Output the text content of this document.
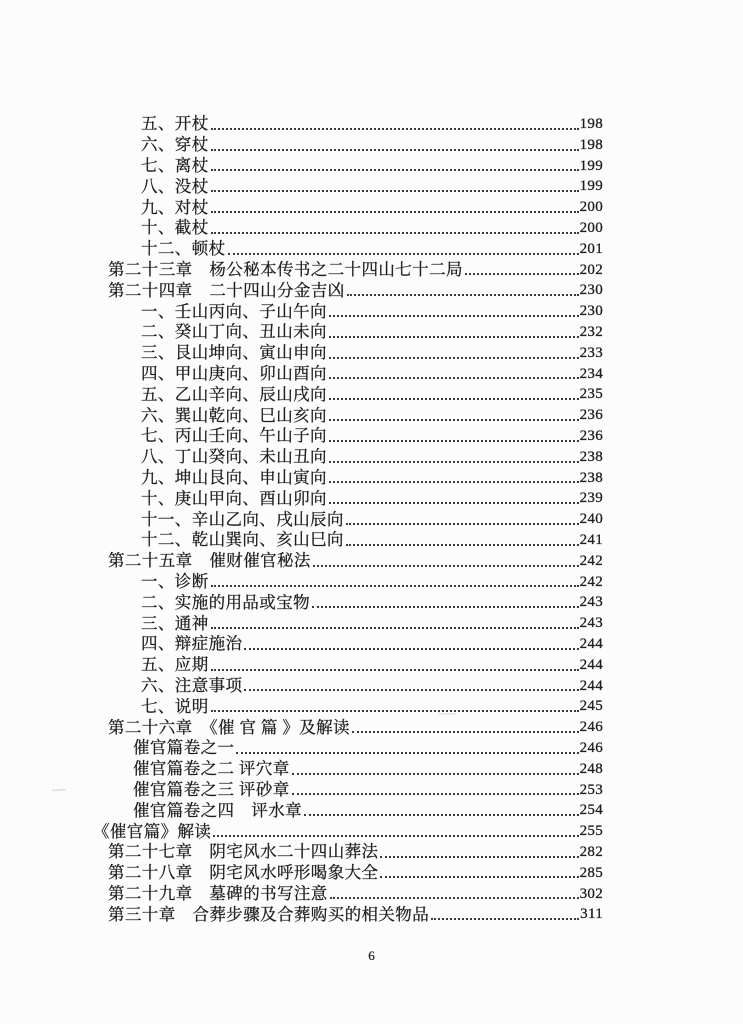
五、开杖	198
六、穿杖	198
七、离杖	199
八、没杖	199
九、对杖	200
十、截杖	200
十二、顿杖	201
第二十三章　杨公秘本传书之二十四山七十二局	202
第二十四章　二十四山分金吉凶	230
一、壬山丙向、子山午向	230
二、癸山丁向、丑山未向	232
三、艮山坤向、寅山申向	233
四、甲山庚向、卯山酉向	234
五、乙山辛向、辰山戌向	235
六、巽山乾向、巳山亥向	236
七、丙山壬向、午山子向	236
八、丁山癸向、未山丑向	238
九、坤山艮向、申山寅向	238
十、庚山甲向、酉山卯向	239
十一、辛山乙向、戌山辰向	240
十二、乾山巽向、亥山巳向	241
第二十五章　催财催官秘法	242
一、诊断	242
二、实施的用品或宝物	243
三、通神	243
四、辩症施治	244
五、应期	244
六、注意事项	244
七、说明	245
第二十六章　《催 官 篇 》及解读	246
催官篇卷之一	246
催官篇卷之二 评穴章	248
催官篇卷之三 评砂章	253
催官篇卷之四　评水章	254
《催官篇》解读	255
第二十七章　阴宅风水二十四山葬法	282
第二十八章　阴宅风水呼形喝象大全	285
第二十九章　墓碑的书写注意	302
第三十章　合葬步骤及合葬购买的相关物品	311
6
